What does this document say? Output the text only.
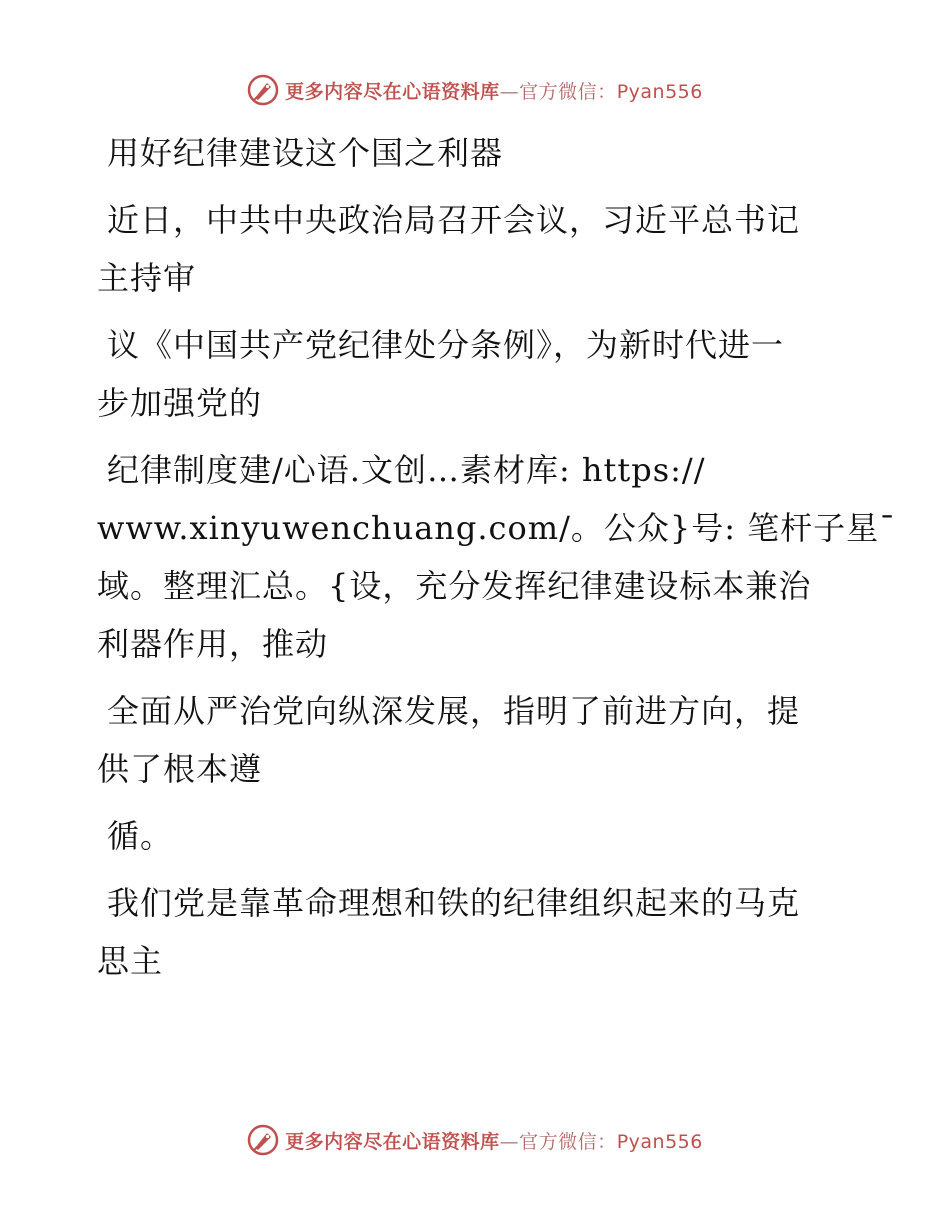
更多内容尽在心语资料库—官方微信：Pyan556
用好纪律建设这个国之利器
近日，中共中央政治局召开会议，习近平总书记
主持审
议《中国共产党纪律处分条例》，为新时代进一
步加强党的
纪律制度建/心语.文创…素材库: https://
www.xinyuwenchuang.com/。公众}号: 笔杆子星¯
域。整理汇总。{设，充分发挥纪律建设标本兼治
利器作用，推动
全面从严治党向纵深发展，指明了前进方向，提
供了根本遵
循。
我们党是靠革命理想和铁的纪律组织起来的马克
思主
更多内容尽在心语资料库—官方微信：Pyan556
